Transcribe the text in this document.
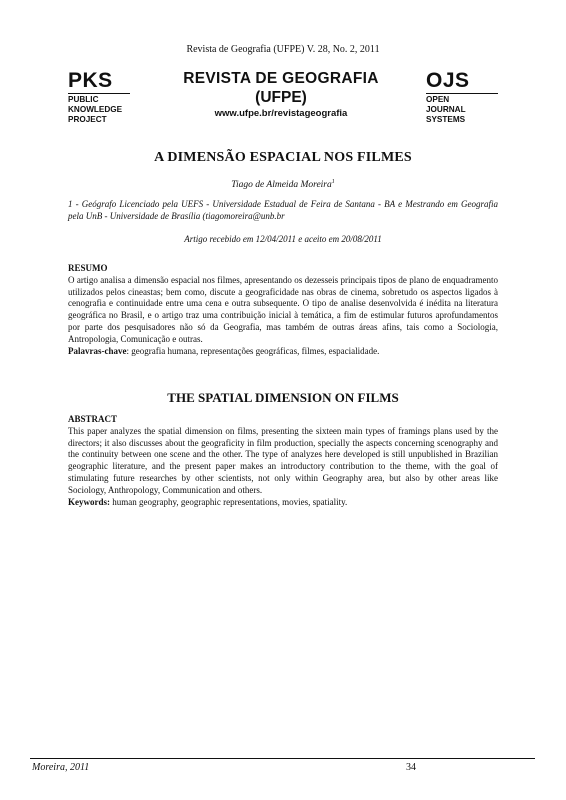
Revista de Geografia (UFPE) V. 28, No. 2, 2011
PKS
PUBLIC
KNOWLEDGE
PROJECT
REVISTA DE GEOGRAFIA
(UFPE)
www.ufpe.br/revistageografia
OJS
OPEN
JOURNAL
SYSTEMS
A DIMENSÃO ESPACIAL NOS FILMES
Tiago de Almeida Moreira$^1$
1 - Geógrafo Licenciado pela UEFS - Universidade Estadual de Feira de Santana - BA e Mestrando em Geografia pela UnB - Universidade de Brasília (tiagomoreira@unb.br
Artigo recebido em 12/04/2011 e aceito em 20/08/2011
RESUMO
O artigo analisa a dimensão espacial nos filmes, apresentando os dezesseis principais tipos de plano de enquadramento utilizados pelos cineastas; bem como, discute a geograficidade nas obras de cinema, sobretudo os aspectos ligados à cenografia e continuidade entre uma cena e outra subsequente. O tipo de analise desenvolvida é inédita na literatura geográfica no Brasil, e o artigo traz uma contribuição inicial à temática, a fim de estimular futuros aprofundamentos por parte dos pesquisadores não só da Geografia, mas também de outras áreas afins, tais como a Sociologia, Antropologia, Comunicação e outras.
Palavras-chave: geografia humana, representações geográficas, filmes, espacialidade.
THE SPATIAL DIMENSION ON FILMS
ABSTRACT
This paper analyzes the spatial dimension on films, presenting the sixteen main types of framings plans used by the directors; it also discusses about the geograficity in film production, specially the aspects concerning scenography and the continuity between one scene and the other. The type of analyzes here developed is still unpublished in Brazilian geographic literature, and the present paper makes an introductory contribution to the theme, with the goal of stimulating future researches by other scientists, not only within Geography area, but also by other areas like Sociology, Anthropology, Communication and others.
Keywords: human geography, geographic representations, movies, spatiality.
Moreira, 2011	34
